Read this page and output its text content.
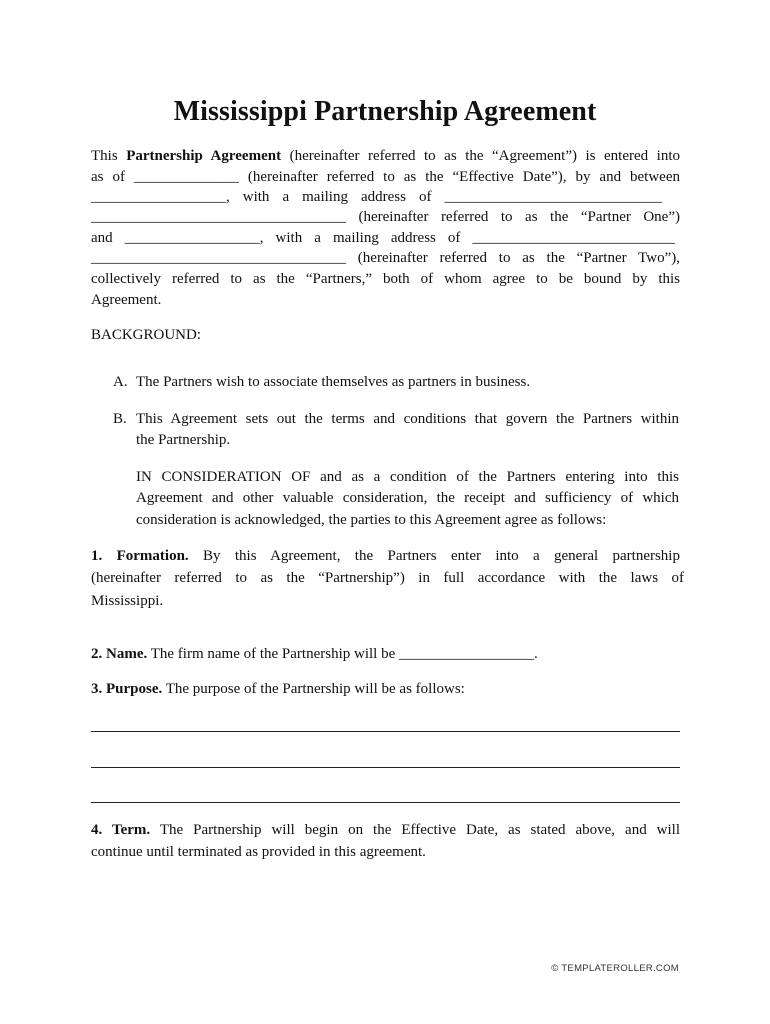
Mississippi Partnership Agreement
This Partnership Agreement (hereinafter referred to as the “Agreement”) is entered into
as of ______________ (hereinafter referred to as the “Effective Date”), by and between
__________________, with a mailing address of _____________________________
__________________________________ (hereinafter referred to as the “Partner One”)
and __________________, with a mailing address of ___________________________
__________________________________ (hereinafter referred to as the “Partner Two”),
collectively referred to as the “Partners,” both of whom agree to be bound by this
Agreement.
BACKGROUND:
A. The Partners wish to associate themselves as partners in business.
B. This Agreement sets out the terms and conditions that govern the Partners within
the Partnership.
IN CONSIDERATION OF and as a condition of the Partners entering into this
Agreement and other valuable consideration, the receipt and sufficiency of which
consideration is acknowledged, the parties to this Agreement agree as follows:
1. Formation. By this Agreement, the Partners enter into a general partnership
(hereinafter referred to as the “Partnership”) in full accordance with the laws of
Mississippi.
2. Name. The firm name of the Partnership will be __________________.
3. Purpose. The purpose of the Partnership will be as follows:
4. Term. The Partnership will begin on the Effective Date, as stated above, and will
continue until terminated as provided in this agreement.
© TEMPLATEROLLER.COM
